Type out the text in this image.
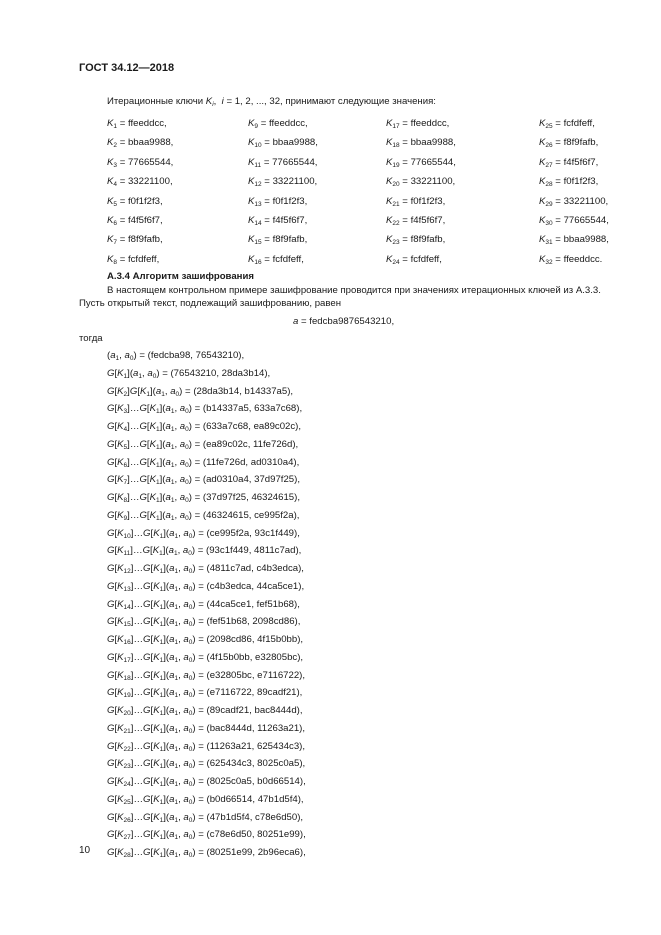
ГОСТ 34.12—2018
Итерационные ключи $K_i$,  i = 1, 2, ..., 32, принимают следующие значения:
$K_1$ = ffeeddcc,
$K_2$ = bbaa9988,
$K_3 = 77665544$,
$K_4 = 33221100$,
$K_5 = f0f1f2f3$,
$K_6 = f4f5f6f7$,
$K_7$ = f8f9fafb,
$K_8$ = fcfdfeff,
$K_9$ = ffeeddcc,
$K_{10}$ = bbaa9988,
$K_{11} = 77665544$,
$K_{12} = 33221100$,
$K_{13} = f0f1f2f3$,
$K_{14} = f4f5f6f7$,
$K_{15}$ = f8f9fafb,
$K_{16}$ = fcfdfeff,
$K_{17}$ = ffeeddcc,
$K_{18}$ = bbaa9988,
$K_{19} = 77665544$,
$K_{20} = 33221100$,
$K_{21} = f0f1f2f3$,
$K_{22} = f4f5f6f7$,
$K_{23}$ = f8f9fafb,
$K_{24}$ = fcfdfeff,
$K_{25}$ = fcfdfeff,
$K_{26}$ = f8f9fafb,
$K_{27} = f4f5f6f7$,
$K_{28} = f0f1f2f3$,
$K_{29} = 33221100$,
$K_{30} = 77665544$,
$K_{31}$ = bbaa9988,
$K_{32}$ = ffeeddcc.
А.3.4 Алгоритм зашифрования
В настоящем контрольном примере зашифрование проводится при значениях итерационных ключей из А.3.3.
Пусть открытый текст, подлежащий зашифрованию, равен
a = fedcba9876543210,
тогда
($a_1$, $a_0$) = (fedcba98, 76543210),
$G[K_1](a_1$, $a_0) = (76543210$, 28da3b14),
$G[K_2]G[K_1](a_1$, $a_0) = (28da3b14$, b14337a5),
$G[K_3]\dots G[K_1](a_1$, $a_0) = (b14337a5$, 633a7c68),
$G[K_4]\dots G[K_1](a_1$, $a_0) = (633a7c68$, ea89c02c),
$G[K_5]\dots G[K_1](a_1$, $a_0) = (ea89c02c$, 11fe726d),
$G[K_6]\dots G[K_1](a_1$, $a_0) = (11fe726d$, ad0310a4),
$G[K_7]\dots G[K_1](a_1$, $a_0) = (ad0310a4$, 37d97f25),
$G[K_8]\dots G[K_1](a_1$, $a_0) = (37d97f25$, 46324615),
$G[K_9]\dots G[K_1](a_1$, $a_0) = (46324615$, ce995f2a),
$G[K_{10}]\dots G[K_1](a_1$, $a_0) = (ce995f2a$, 93c1f449),
$G[K_{11}]\dots G[K_1](a_1$, $a_0) = (93c1f449$, 4811c7ad),
$G[K_{12}]\dots G[K_1](a_1$, $a_0) = (4811c7ad$, c4b3edca),
$G[K_{13}]\dots G[K_1](a_1$, $a_0$) = (c4b3edca, 44ca5ce1),
$G[K_{14}]\dots G[K_1](a_1$, $a_0) = (44ca5ce1$, fef51b68),
$G[K_{15}]\dots G[K_1](a_1$, $a_0) = (fef51b68$, 2098cd86),
$G[K_{16}]\dots G[K_1](a_1$, $a_0) = (2098cd86$, 4f15b0bb),
$G[K_{17}]\dots G[K_1](a_1$, $a_0) = (4f15b0bb$, e32805bc),
$G[K_{18}]\dots G[K_1](a_1$, $a_0) = (e32805bc$, e7116722),
$G[K_{19}]\dots G[K_1](a_1$, $a_0) = (e7116722$, 89cadf21),
$G[K_{20}]\dots G[K_1](a_1$, $a_0$) = (89cadf21, bac8444d),
$G[K_{21}]\dots G[K_1](a_1$, $a_0) = (bac8444d$, 11263a21),
$G[K_{22}]\dots G[K_1](a_1$, $a_0) = (11263a21$, 625434c3),
$G[K_{23}]\dots G[K_1](a_1$, $a_0) = (625434c3$, 8025c0a5),
$G[K_{24}]\dots G[K_1](a_1$, $a_0) = (8025c0a5$, b0d66514),
$G[K_{25}]\dots G[K_1](a_1$, $a_0) = (b0d66514$, 47b1d5f4),
$G[K_{26}]\dots G[K_1](a_1$, $a_0) = (47b1d5f4$, c78e6d50),
$G[K_{27}]\dots G[K_1](a_1$, $a_0) = (c78e6d50$, 80251e99),
$G[K_{28}]\dots G[K_1](a_1$, $a_0) = (80251e99$, 2b96eca6),
10
